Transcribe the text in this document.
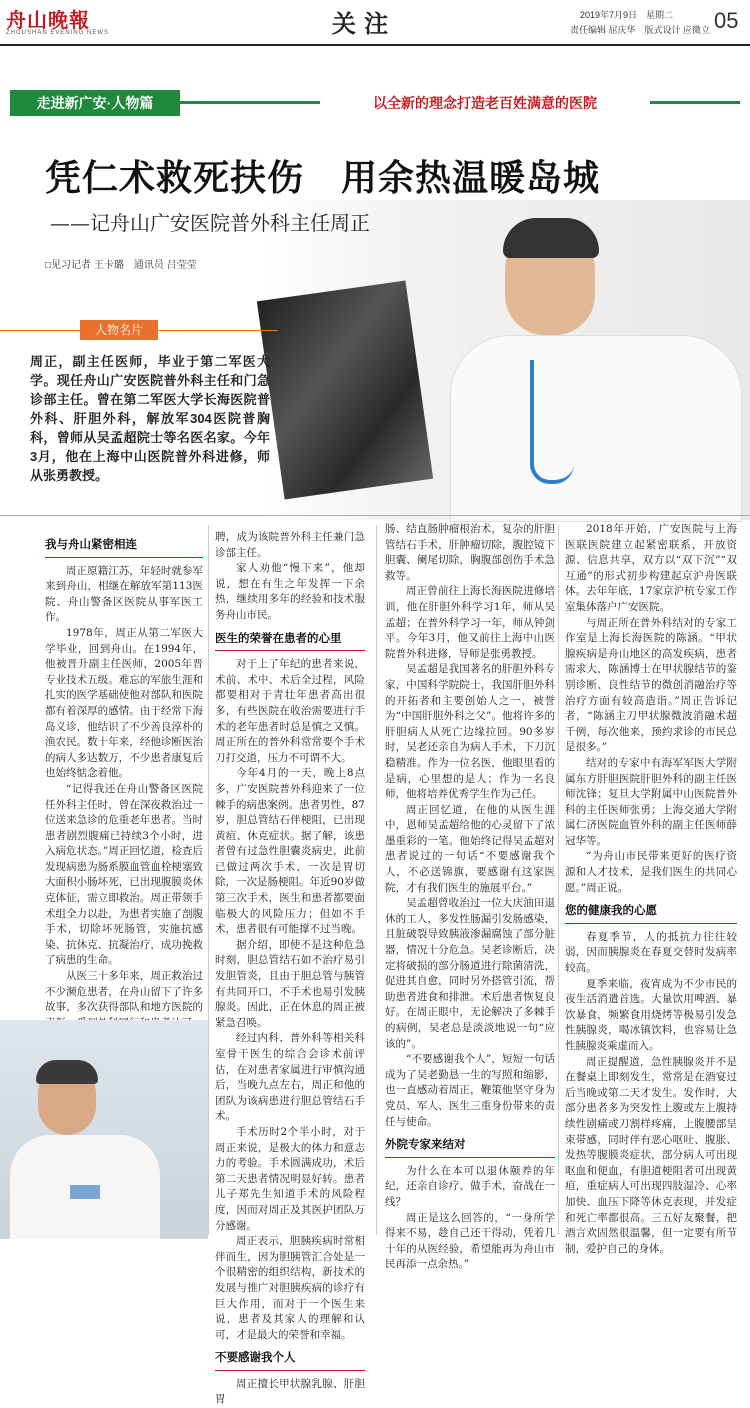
舟山晚報
ZHOUSHAN EVENING NEWS	关 注	2019年7月9日　星期二
责任编辑 屈庆华　版式设计 应微立 05
走进新广安·人物篇	以全新的理念打造老百姓满意的医院
凭仁术救死扶伤　用余热温暖岛城
——记舟山广安医院普外科主任周正
□见习记者 王卡璐　通讯员 吕莹莹
人物名片
周正，副主任医师，毕业于第二军医大学。现任舟山广安医院普外科主任和门急诊部主任。曾在第二军医大学长海医院普外科、肝胆外科，解放军304医院普胸科，曾师从吴孟超院士等名医名家。今年3月，他在上海中山医院普外科进修，师从张勇教授。
我与舟山紧密相连

周正原籍江苏，年轻时就参军来到舟山，相继在解放军第113医院、舟山警备区医院从事军医工作。

1978年，周正从第二军医大学毕业，回到舟山。在1994年，他被晋升副主任医师，2005年晋专业技术五级。难忘的军旅生涯和扎实的医学基础使他对部队和医院都有着深厚的感情。由于经常下海岛义诊，他结识了不少善良淳朴的渔农民。数十年来，经他诊断医治的病人多达数万，不少患者康复后也始终惦念着他。

“记得我还在舟山警备区医院任外科主任时，曾在深夜救治过一位送来急诊的危重老年患者。当时患者剧烈腹痛已持续3个小时，进入病危状态。”周正回忆道，检查后发现病患为肠系膜血管血栓梗塞致大面积小肠坏死，已出现腹膜炎休克体征，需立即救治。周正带领手术组全力以赴，为患者实施了剖腹手术，切除坏死肠管，实施抗感染、抗休克、抗凝治疗，成功挽救了病患的生命。

从医三十多年来，周正救治过不少濒危患者，在舟山留下了许多故事，多次获得部队和地方医院的

聘，成为该院普外科主任兼门急诊部主任。

家人劝他“慢下来”，他却说，想在有生之年发挥一下余热，继续用多年的经验和技术服务舟山市民。

医生的荣誉在患者的心里

对于上了年纪的患者来说，术前、术中、术后全过程，风险都要相对于青壮年患者高出很多，有些医院在收治需要进行手术的老年患者时总是慎之又慎。周正所在的普外科常常要个手术刀打交道，压力不可谓不大。

今年4月的一天，晚上8点多，广安医院普外科迎来了一位棘手的病患案例。患者男性，87岁，胆总管结石伴梗阻，已出现黄疸、休克症状。据了解，该患者曾有过急性胆囊炎病史，此前已做过两次手术，一次是胃切除，一次是肠梗阻。年近90岁做第三次手术，医生和患者都要面临极大的风险压力；但如不手术，患者很有可能撑不过当晚。

据介绍，即使不是这种危急时刻，胆总管结石如不治疗易引发胆管炎，且由于胆总管与胰管有共同开口，不手术也易引发胰腺炎。因此，正在休息的周正被紧急召唤。

经过内科、普外科等相关科室骨干医生的综合会诊术前评估，在对患者家属进行审慎沟通后，当晚九点左右，周正和他的团队为该病患进行胆总管结石手术。

手术历时2个半小时，对于周正来说，是极大的体力和意志力的考验。手术圆满成功，术后第二天患者情况明显好转。患者儿子郑先生知道手术的风险程度，因而对周正及其医护团队万分感谢。

周正表示，胆胰疾病时常相伴而生，因为胆胰管汇合处是一个很精密的组织结构，新技术的发展与推广对胆胰疾病的诊疗有巨大作用，而对于一个医生来说，患者及其家人的理解和认可，才是最大的荣誉和幸福。

不要感谢我个人

周正擅长甲状腺乳腺、肝胆胃

肠、结直肠肿瘤根治术，复杂的肝胆管结石手术，肝肿瘤切除，腹腔镜下胆囊、阑尾切除，胸腹部创伤手术急救等。

周正曾前往上海长海医院进修培训，他在肝胆外科学习1年，师从吴孟超；在普外科学习一年，师从钟剑平。今年3月，他又前往上海中山医院普外科进修，导师是张勇教授。

吴孟超是我国著名的肝胆外科专家，中国科学院院士，我国肝胆外科的开拓者和主要创始人之一，被誉为“中国肝胆外科之父”。他将许多的肝胆病人从死亡边缘拉回。90多岁时，吴老还亲自为病人手术，下刀沉稳精准。作为一位名医，他眼里看的是病，心里想的是人；作为一名良师，他将培养优秀学生作为己任。

周正回忆道，在他的从医生涯中，恩师吴孟超给他的心灵留下了浓墨重彩的一笔。他始终记得吴孟超对患者说过的一句话“不要感谢我个人，不必送锦旗，要感谢有这家医院，才有我们医生的施展平台。”

吴孟超曾收治过一位大庆油田退休的工人，多发性肠漏引发肠感染，且脏破裂导致胰液渗漏腐蚀了部分脏器，情况十分危急。吴老诊断后，决定将破损的部分肠道进行除菌清洗，促进其自愈，同时另外搭管引流，帮助患者进食和排泄。术后患者恢复良好。在周正眼中，无论解决了多棘手的病例，吴老总是淡淡地说一句“应该的”。

“不要感谢我个人”，短短一句话成为了吴老勤恳一生的写照和缩影，也一直感动着周正，鞭策他坚守身为党员、军人、医生三重身份带来的责任与使命。

外院专家来结对

为什么在本可以退休颐养的年纪，还亲自诊疗、做手术，奋战在一线？

周正是这么回答的，“一身所学得来不易，趁自己还干得动，凭着几十年的从医经验，希望能再为舟山市民再添一点余热。”

2018年开始，广安医院与上海医联医院建立起紧密联系，开放资源、信息共享，双方以“双下沉”“双互通”的形式初步构建起京沪舟医联体。去年年底，17家京沪杭专家工作室集体落户广安医院。

与周正所在普外科结对的专家工作室是上海长海医院的陈涵。“甲状腺疾病是舟山地区的高发疾病，患者需求大，陈涵博士在甲状腺结节的鉴别诊断、良性结节的微创消融治疗等治疗方面有较高造诣。”周正告诉记者，“陈涵主刀甲状腺微波消融术超千例，每次他来，预约求诊的市民总是很多。”

结对的专家中有海军军医大学附属东方肝胆医院肝胆外科的副主任医师沈锋；复旦大学附属中山医院普外科的主任医师张勇；上海交通大学附属仁济医院血管外科的副主任医师薛冠华等。

“为舟山市民带来更好的医疗资源和人才技术，是我们医生的共同心愿。”周正说。

您的健康我的心愿

春夏季节，人的抵抗力往往较弱，因而胰腺炎在春夏交替时发病率较高。

夏季来临，夜宵成为不少市民的夜生活消遣首选。大量饮用啤酒、暴饮暴食，频繁食用烧烤等极易引发急性胰腺炎，喝冰镇饮料，也容易让急性胰腺炎乘虚而入。

周正提醒道，急性胰腺炎并不是在餐桌上即刻发生，常常是在酒宴过后当晚或第二天才发生。发作时，大部分患者多为突发性上腹或左上腹持续性剧痛或刀割样疼痛，上腹腰部呈束带感，同时伴有恶心呕吐、腹胀、发热等腹膜炎症状，部分病人可出现呕血和便血，有胆道梗阻者可出现黄疸，重症病人可出现四肢湿冷、心率加快、血压下降等休克表现，并发症和死亡率都很高。三五好友聚餐，把酒言欢固然很温馨，但一定要有所节制，爱护自己的身体。
